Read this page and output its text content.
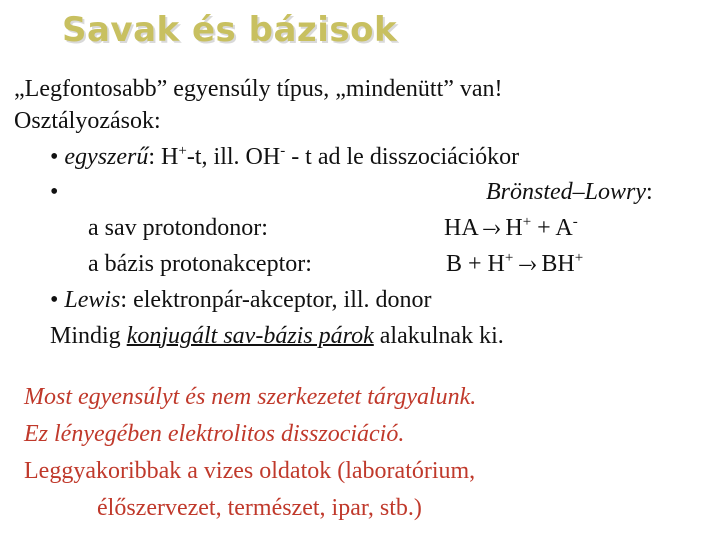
Savak és bázisok
„Legfontosabb” egyensúly típus, „mindenütt” van!
Osztályozások:
• egyszerű: H+-t, ill. OH- - t ad le disszociációkor
•	Brönsted–Lowry:
a sav protondonor:	HA –› H+ + A-
a bázis protonakceptor:	B + H+ –› BH+
• Lewis: elektronpár-akceptor, ill. donor
Mindig konjugált sav-bázis párok alakulnak ki.
Most egyensúlyt és nem szerkezetet tárgyalunk.
Ez lényegében elektrolitos disszociáció.
Leggyakoribbak a vizes oldatok (laboratórium,
élőszervezet, természet, ipar, stb.)
